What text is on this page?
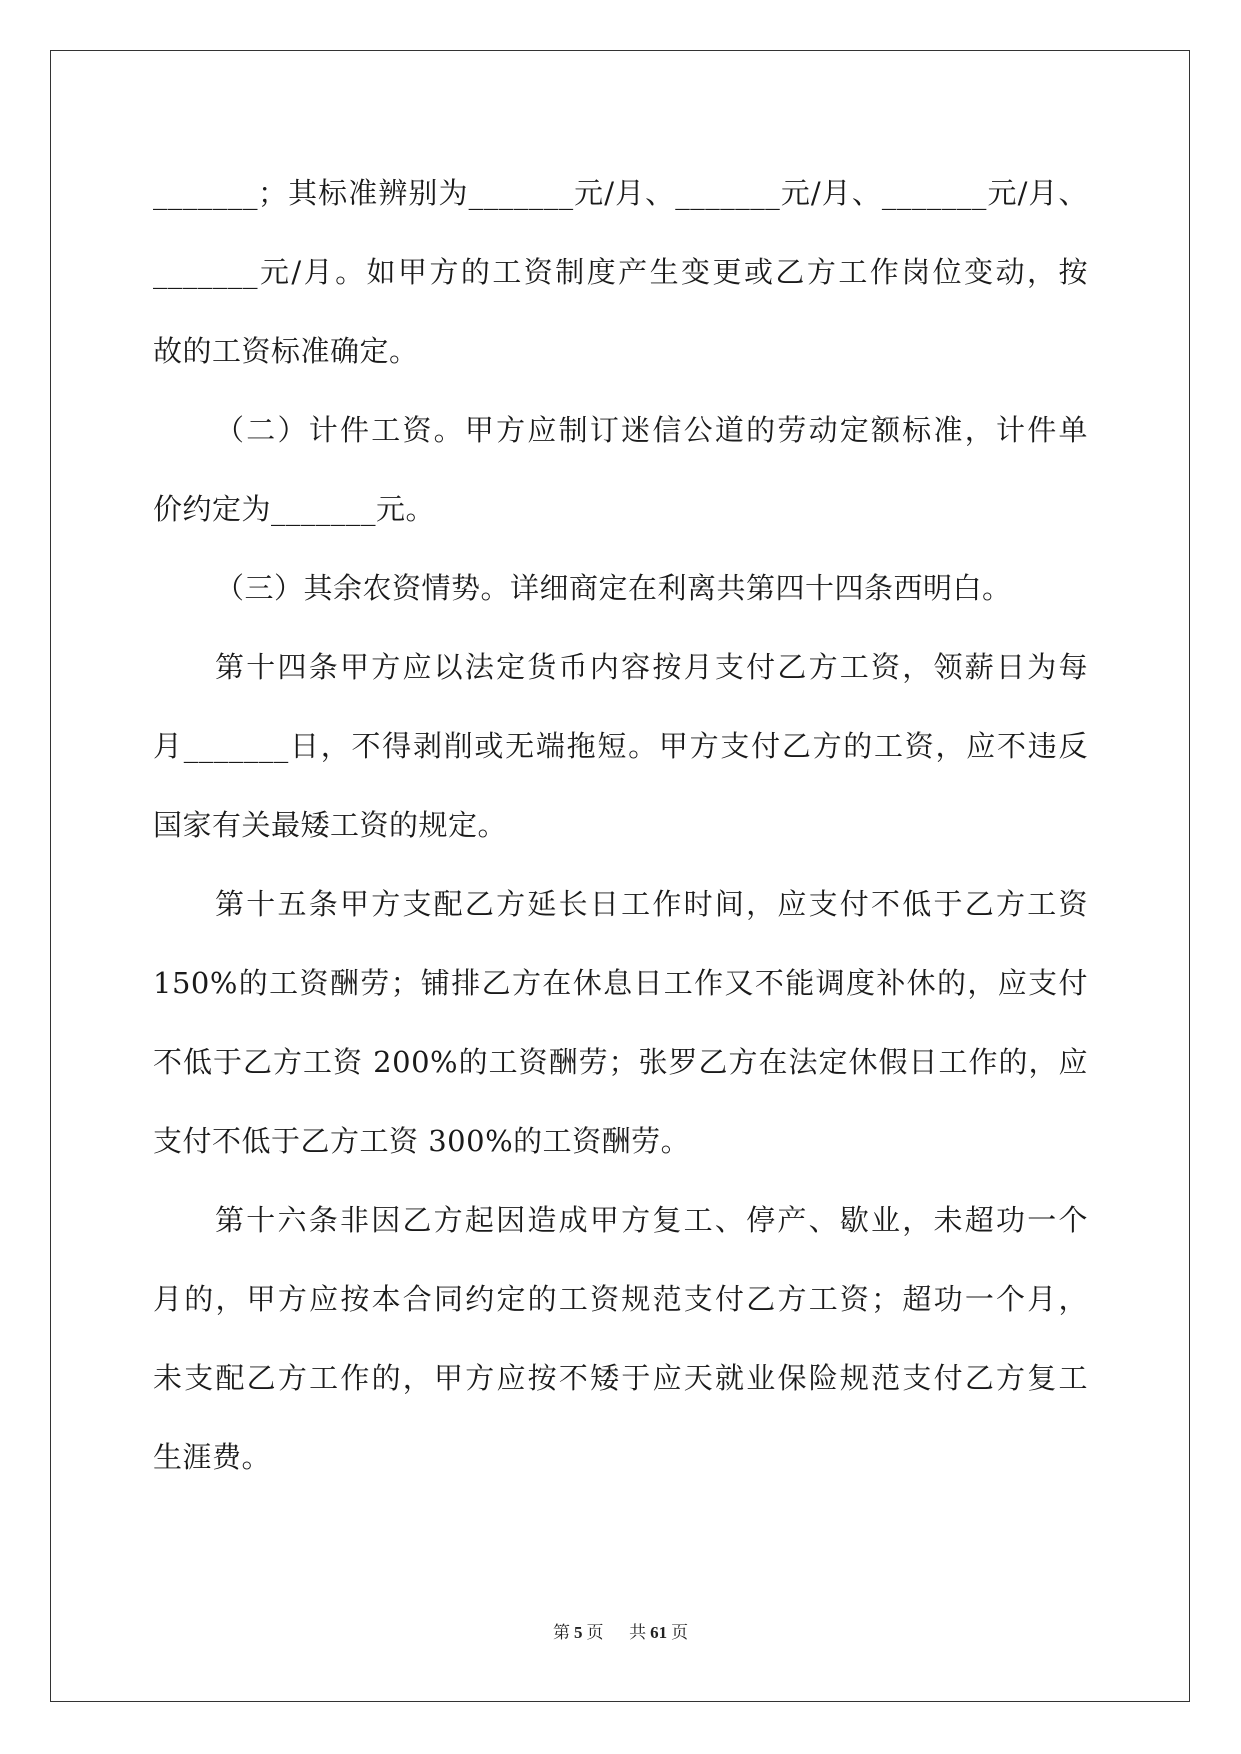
_______；其标准辨别为_______元/月、_______元/月、_______元/月、
_______元/月。如甲方的工资制度产生变更或乙方工作岗位变动，按
故的工资标准确定。
（二）计件工资。甲方应制订迷信公道的劳动定额标准，计件单
价约定为_______元。
（三）其余农资情势。详细商定在利离共第四十四条西明白。
第十四条甲方应以法定货币内容按月支付乙方工资，领薪日为每
月_______日，不得剥削或无端拖短。甲方支付乙方的工资，应不违反
国家有关最矮工资的规定。
第十五条甲方支配乙方延长日工作时间，应支付不低于乙方工资
150%的工资酬劳；铺排乙方在休息日工作又不能调度补休的，应支付
不低于乙方工资 200%的工资酬劳；张罗乙方在法定休假日工作的，应
支付不低于乙方工资 300%的工资酬劳。
第十六条非因乙方起因造成甲方复工、停产、歇业，未超功一个
月的，甲方应按本合同约定的工资规范支付乙方工资；超功一个月，
未支配乙方工作的，甲方应按不矮于应天就业保险规范支付乙方复工
生涯费。
第 5 页 共 61 页
